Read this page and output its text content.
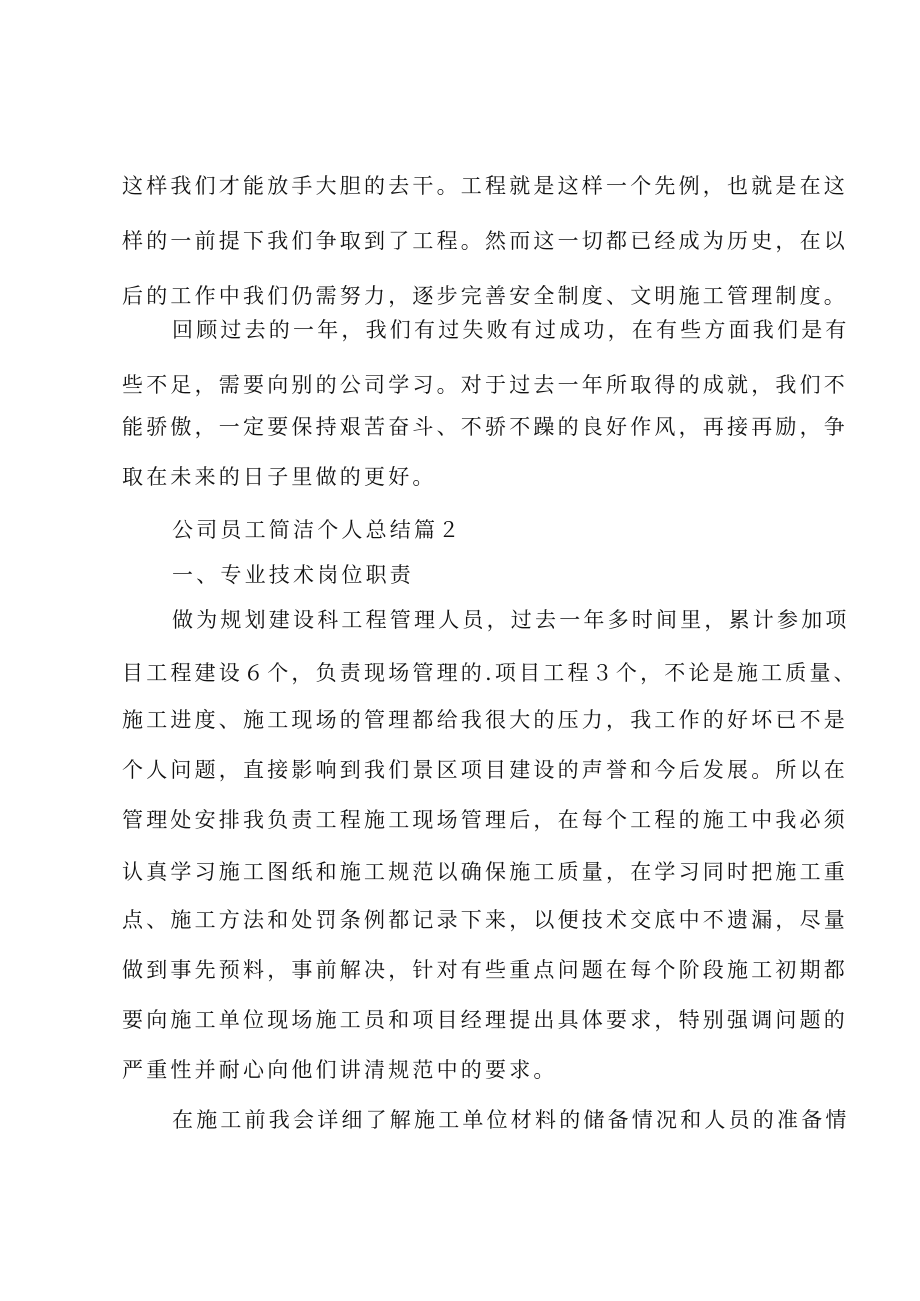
这样我们才能放手大胆的去干。工程就是这样一个先例，也就是在这
样的一前提下我们争取到了工程。然而这一切都已经成为历史，在以
后的工作中我们仍需努力，逐步完善安全制度、文明施工管理制度。
回顾过去的一年，我们有过失败有过成功，在有些方面我们是有
些不足，需要向别的公司学习。对于过去一年所取得的成就，我们不
能骄傲，一定要保持艰苦奋斗、不骄不躁的良好作风，再接再励，争
取在未来的日子里做的更好。
公司员工简洁个人总结篇２
一、专业技术岗位职责
做为规划建设科工程管理人员，过去一年多时间里，累计参加项
目工程建设６个，负责现场管理的.项目工程３个，不论是施工质量、
施工进度、施工现场的管理都给我很大的压力，我工作的好坏已不是
个人问题，直接影响到我们景区项目建设的声誉和今后发展。所以在
管理处安排我负责工程施工现场管理后，在每个工程的施工中我必须
认真学习施工图纸和施工规范以确保施工质量，在学习同时把施工重
点、施工方法和处罚条例都记录下来，以便技术交底中不遗漏，尽量
做到事先预料，事前解决，针对有些重点问题在每个阶段施工初期都
要向施工单位现场施工员和项目经理提出具体要求，特别强调问题的
严重性并耐心向他们讲清规范中的要求。
在施工前我会详细了解施工单位材料的储备情况和人员的准备情
